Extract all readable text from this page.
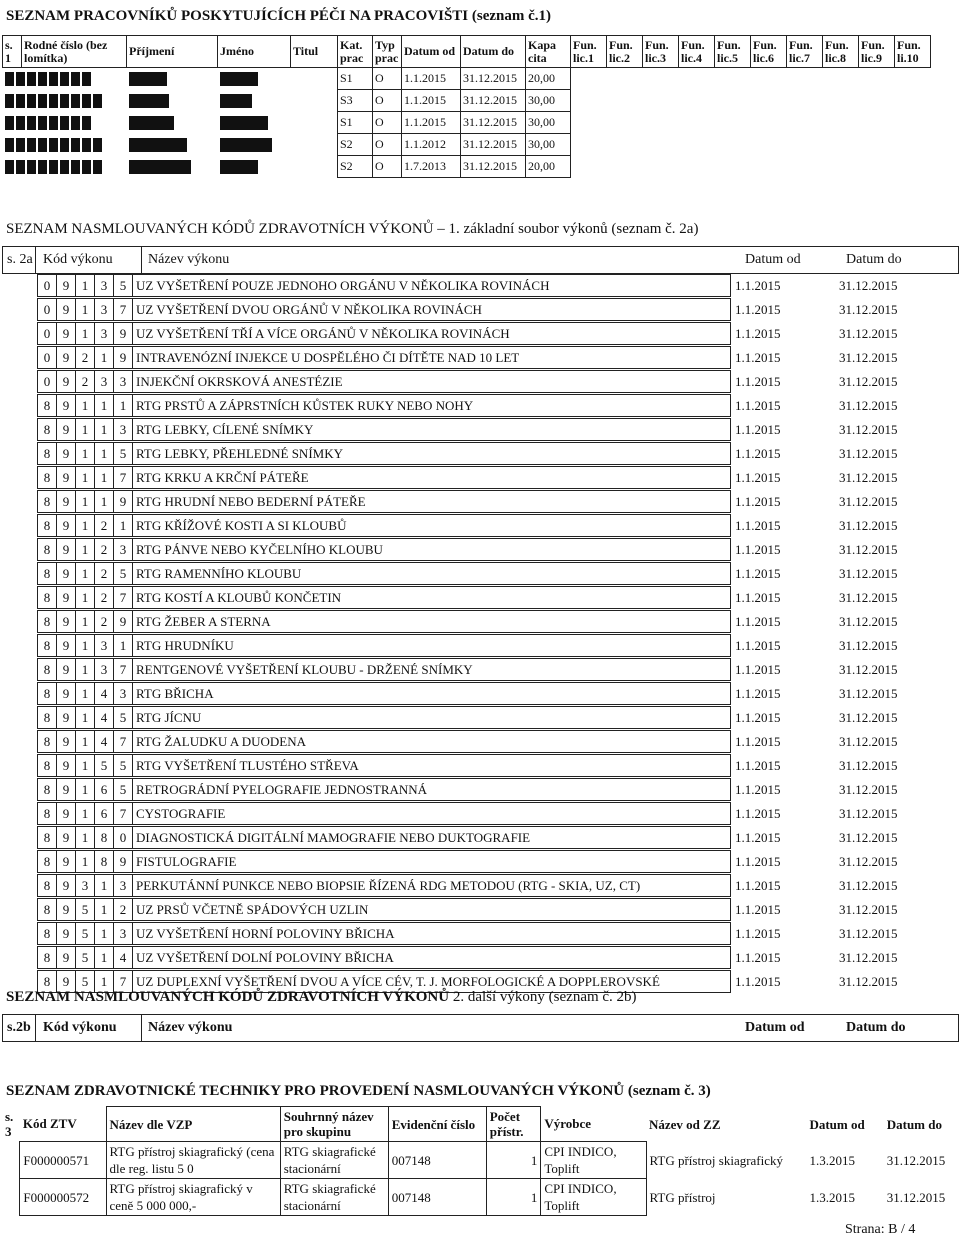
SEZNAM PRACOVNÍKŮ POSKYTUJÍCÍCH PÉČI NA PRACOVIŠTI (seznam č.1)
s. 1	Rodné číslo (bez lomítka)	Příjmení	Jméno	Titul	Kat. prac	Typ prac	Datum od	Datum do	Kapa cita	Fun. lic.1	Fun. lic.2	Fun. lic.3	Fun. lic.4	Fun. lic.5	Fun. lic.6	Fun. lic.7	Fun. lic.8	Fun. lic.9	Fun. li.10
					S1	O	1.1.2015	31.12.2015	20,00										
					S3	O	1.1.2015	31.12.2015	30,00										
					S1	O	1.1.2015	31.12.2015	30,00										
					S2	O	1.1.2012	31.12.2015	30,00										
					S2	O	1.7.2013	31.12.2015	20,00										
SEZNAM NASMLOUVANÝCH KÓDŮ ZDRAVOTNÍCH VÝKONŮ – 1. základní soubor výkonů (seznam č. 2a)
s. 2a Kód výkonu	Název výkonu	Datum od	Datum do
0	9	1	3	5	UZ VYŠETŘENÍ POUZE JEDNOHO ORGÁNU V NĚKOLIKA ROVINÁCH	1.1.2015	31.12.2015

0	9	1	3	7	UZ VYŠETŘENÍ DVOU ORGÁNŮ V NĚKOLIKA ROVINÁCH	1.1.2015	31.12.2015

0	9	1	3	9	UZ VYŠETŘENÍ TŘÍ A VÍCE ORGÁNŮ V NĚKOLIKA ROVINÁCH	1.1.2015	31.12.2015

0	9	2	1	9	INTRAVENÓZNÍ INJEKCE U DOSPĚLÉHO ČI DÍTĚTE NAD 10 LET	1.1.2015	31.12.2015

0	9	2	3	3	INJEKČNÍ OKRSKOVÁ ANESTÉZIE	1.1.2015	31.12.2015

8	9	1	1	1	RTG PRSTŮ A ZÁPRSTNÍCH KŮSTEK RUKY NEBO NOHY	1.1.2015	31.12.2015

8	9	1	1	3	RTG LEBKY, CÍLENÉ SNÍMKY	1.1.2015	31.12.2015

8	9	1	1	5	RTG LEBKY, PŘEHLEDNÉ SNÍMKY	1.1.2015	31.12.2015

8	9	1	1	7	RTG KRKU A KRČNÍ PÁTEŘE	1.1.2015	31.12.2015

8	9	1	1	9	RTG HRUDNÍ NEBO BEDERNÍ PÁTEŘE	1.1.2015	31.12.2015

8	9	1	2	1	RTG KŘÍŽOVÉ KOSTI A SI KLOUBŮ	1.1.2015	31.12.2015

8	9	1	2	3	RTG PÁNVE NEBO KYČELNÍHO KLOUBU	1.1.2015	31.12.2015

8	9	1	2	5	RTG RAMENNÍHO KLOUBU	1.1.2015	31.12.2015

8	9	1	2	7	RTG KOSTÍ A KLOUBŮ KONČETIN	1.1.2015	31.12.2015

8	9	1	2	9	RTG ŽEBER A STERNA	1.1.2015	31.12.2015

8	9	1	3	1	RTG HRUDNÍKU	1.1.2015	31.12.2015

8	9	1	3	7	RENTGENOVÉ VYŠETŘENÍ KLOUBU - DRŽENÉ SNÍMKY	1.1.2015	31.12.2015

8	9	1	4	3	RTG BŘICHA	1.1.2015	31.12.2015

8	9	1	4	5	RTG JÍCNU	1.1.2015	31.12.2015

8	9	1	4	7	RTG ŽALUDKU A DUODENA	1.1.2015	31.12.2015

8	9	1	5	5	RTG VYŠETŘENÍ TLUSTÉHO STŘEVA	1.1.2015	31.12.2015

8	9	1	6	5	RETROGRÁDNÍ PYELOGRAFIE JEDNOSTRANNÁ	1.1.2015	31.12.2015

8	9	1	6	7	CYSTOGRAFIE	1.1.2015	31.12.2015

8	9	1	8	0	DIAGNOSTICKÁ DIGITÁLNÍ MAMOGRAFIE NEBO DUKTOGRAFIE	1.1.2015	31.12.2015

8	9	1	8	9	FISTULOGRAFIE	1.1.2015	31.12.2015

8	9	3	1	3	PERKUTÁNNÍ PUNKCE NEBO BIOPSIE ŘÍZENÁ RDG METODOU (RTG - SKIA, UZ, CT)	1.1.2015	31.12.2015

8	9	5	1	2	UZ PRSŮ VČETNĚ SPÁDOVÝCH UZLIN	1.1.2015	31.12.2015

8	9	5	1	3	UZ VYŠETŘENÍ HORNÍ POLOVINY BŘICHA	1.1.2015	31.12.2015

8	9	5	1	4	UZ VYŠETŘENÍ DOLNÍ POLOVINY BŘICHA	1.1.2015	31.12.2015

8	9	5	1	7	UZ DUPLEXNÍ VYŠETŘENÍ DVOU A VÍCE CÉV, T. J. MORFOLOGICKÉ A DOPPLEROVSKÉ	1.1.2015	31.12.2015

SEZNAM NASMLOUVANÝCH KÓDŮ ZDRAVOTNÍCH VÝKONŮ 2. další výkony (seznam č. 2b)
s.2b Kód výkonu Název výkonu	Datum od	Datum do
SEZNAM ZDRAVOTNICKÉ TECHNIKY PRO PROVEDENÍ NASMLOUVANÝCH VÝKONŮ (seznam č. 3)
s. 3	Kód ZTV	Název dle VZP	Souhrnný název pro skupinu	Evidenční číslo	Počet přístr.	Výrobce	Název od ZZ	Datum od	Datum do
	F000000571	RTG přístroj skiagrafický (cena dle reg. listu 5 0	RTG skiagrafické stacionární	007148	1	CPI INDICO, Toplift	RTG přístroj skiagrafický	1.3.2015	31.12.2015
	F000000572	RTG přístroj skiagrafický v ceně 5 000 000,-	RTG skiagrafické stacionární	007148	1	CPI INDICO, Toplift	RTG přístroj	1.3.2015	31.12.2015
Strana: B / 4
